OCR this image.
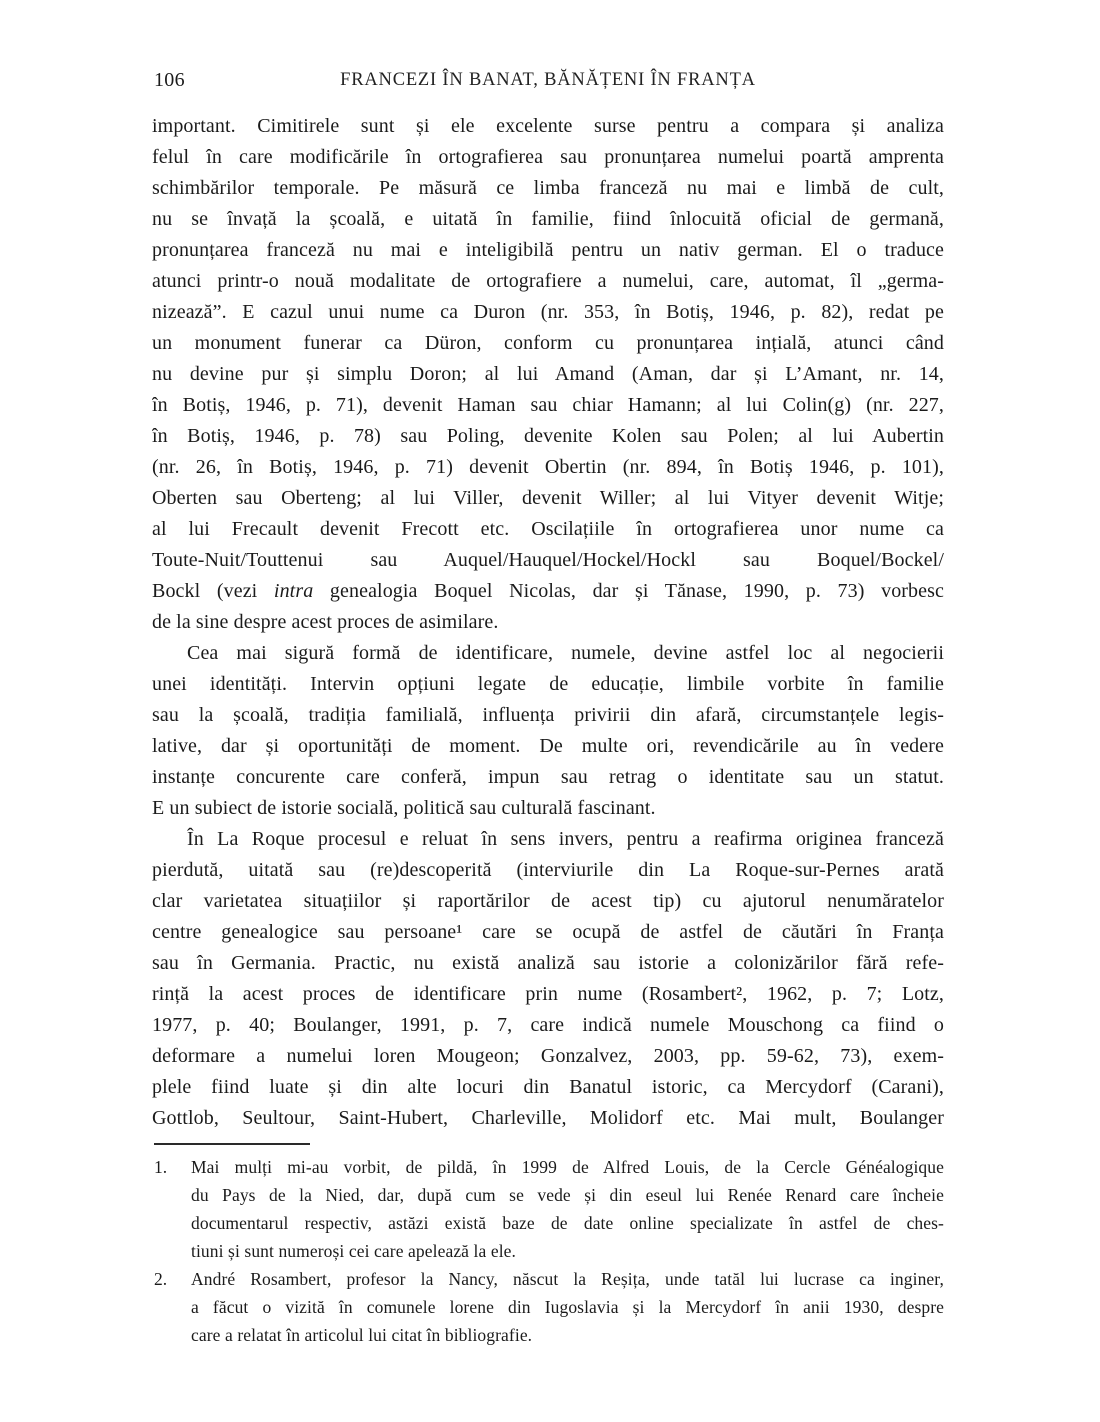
106	FRANCEZI ÎN BANAT, BĂNĂȚENI ÎN FRANȚA
important. Cimitirele sunt și ele excelente surse pentru a compara și analiza
felul în care modificările în ortografierea sau pronunțarea numelui poartă amprenta
schimbărilor temporale. Pe măsură ce limba franceză nu mai e limbă de cult,
nu se învață la școală, e uitată în familie, fiind înlocuită oficial de germană,
pronunțarea franceză nu mai e inteligibilă pentru un nativ german. El o traduce
atunci printr-o nouă modalitate de ortografiere a numelui, care, automat, îl „germa-
nizează”. E cazul unui nume ca Duron (nr. 353, în Botiș, 1946, p. 82), redat pe
un monument funerar ca Düron, conform cu pronunțarea ințială, atunci când
nu devine pur și simplu Doron; al lui Amand (Aman, dar și L’Amant, nr. 14,
în Botiș, 1946, p. 71), devenit Haman sau chiar Hamann; al lui Colin(g) (nr. 227,
în Botiș, 1946, p. 78) sau Poling, devenite Kolen sau Polen; al lui Aubertin
(nr. 26, în Botiș, 1946, p. 71) devenit Obertin (nr. 894, în Botiș 1946, p. 101),
Oberten sau Oberteng; al lui Viller, devenit Willer; al lui Vityer devenit Witje;
al lui Frecault devenit Frecott etc. Oscilațiile în ortografierea unor nume ca
Toute-Nuit/Touttenui sau Auquel/Hauquel/Hockel/Hockl sau Boquel/Bockel/
Bockl (vezi intra genealogia Boquel Nicolas, dar și Tănase, 1990, p. 73) vorbesc
de la sine despre acest proces de asimilare.
Cea mai sigură formă de identificare, numele, devine astfel loc al negocierii
unei identități. Intervin opțiuni legate de educație, limbile vorbite în familie
sau la școală, tradiția familială, influența privirii din afară, circumstanțele legis-
lative, dar și oportunități de moment. De multe ori, revendicările au în vedere
instanțe concurente care conferă, impun sau retrag o identitate sau un statut.
E un subiect de istorie socială, politică sau culturală fascinant.
În La Roque procesul e reluat în sens invers, pentru a reafirma originea franceză
pierdută, uitată sau (re)descoperită (interviurile din La Roque-sur-Pernes arată
clar varietatea situațiilor și raportărilor de acest tip) cu ajutorul nenumăratelor
centre genealogice sau persoane¹ care se ocupă de astfel de căutări în Franța
sau în Germania. Practic, nu există analiză sau istorie a colonizărilor fără refe-
rință la acest proces de identificare prin nume (Rosambert², 1962, p. 7; Lotz,
1977, p. 40; Boulanger, 1991, p. 7, care indică numele Mouschong ca fiind o
deformare a numelui loren Mougeon; Gonzalvez, 2003, pp. 59-62, 73), exem-
plele fiind luate și din alte locuri din Banatul istoric, ca Mercydorf (Carani),
Gottlob, Seultour, Saint-Hubert, Charleville, Molidorf etc. Mai mult, Boulanger
1. Mai mulți mi-au vorbit, de pildă, în 1999 de Alfred Louis, de la Cercle Généalogique
du Pays de la Nied, dar, după cum se vede și din eseul lui Renée Renard care încheie
documentarul respectiv, astăzi există baze de date online specializate în astfel de ches-
tiuni și sunt numeroși cei care apelează la ele.
2. André Rosambert, profesor la Nancy, născut la Reșița, unde tatăl lui lucrase ca inginer,
a făcut o vizită în comunele lorene din Iugoslavia și la Mercydorf în anii 1930, despre
care a relatat în articolul lui citat în bibliografie.
